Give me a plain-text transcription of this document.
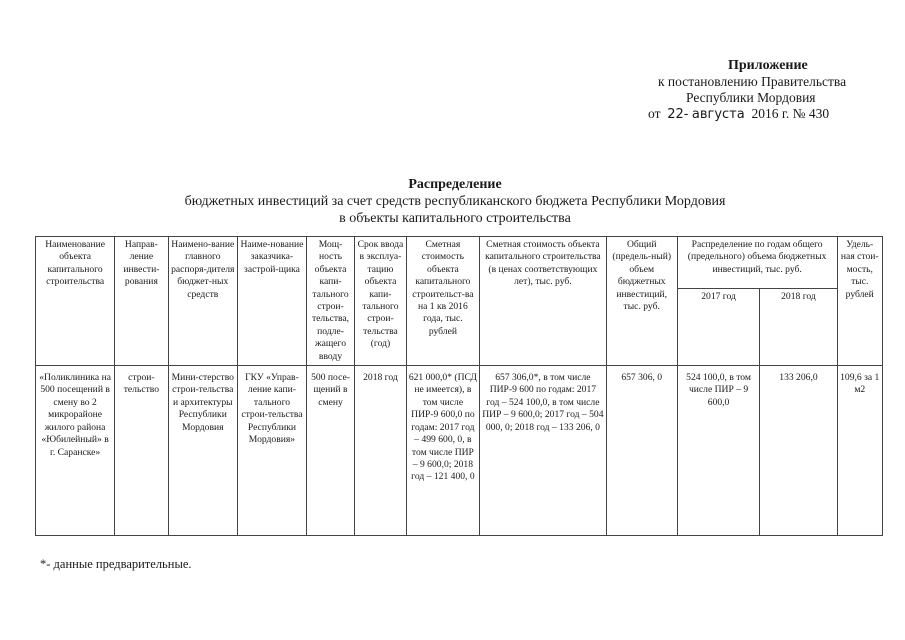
Приложение
к постановлению Правительства
Республики Мордовия
от 22- августа 2016 г. № 430
Распределение
бюджетных инвестиций за счет средств республиканского бюджета Республики Мордовия
в объекты капитального строительства
Наименование объекта капитального строительства	Направ-ление инвести-рования	Наимено-вание главного распоря-дителя бюджет-ных средств	Наиме-нование заказчика-застрой-щика	Мощ-ность объекта капи-тального строи-тельства, подле-жащего вводу	Срок ввода в эксплуа-тацию объекта капи-тального строи-тельства (год)	Сметная стоимость объекта капитального строительст-ва на 1 кв 2016 года, тыс. рублей	Сметная стоимость объекта капитального строительства (в ценах соответствующих лет), тыс. руб.	Общий (предель-ный) объем бюджетных инвестиций, тыс. руб.	Распределение по годам общего (предельного) объема бюджетных инвестиций, тыс. руб.		Удель-ная стои-мость, тыс. рублей
									2017 год	2018 год	
«Поликлиника на 500 посещений в смену во 2 микрорайоне жилого района «Юбилейный» в г. Саранске»	строи-тельство	Мини-стерство строи-тельства и архитектуры Республики Мордовия	ГКУ «Управ-ление капи-тального строи-тельства Республики Мордовия»	500 посе-щений в смену	2018 год	621 000,0* (ПСД не имеется), в том числе ПИР-9 600,0 по годам: 2017 год – 499 600, 0, в том числе ПИР – 9 600,0; 2018 год – 121 400, 0	657 306,0*, в том числе ПИР-9 600 по годам: 2017 год – 524 100,0, в том числе ПИР – 9 600,0; 2017 год – 504 000, 0; 2018 год – 133 206, 0	657 306, 0	524 100,0, в том числе ПИР – 9 600,0	133 206,0	109,6 за 1 м2
*- данные предварительные.
